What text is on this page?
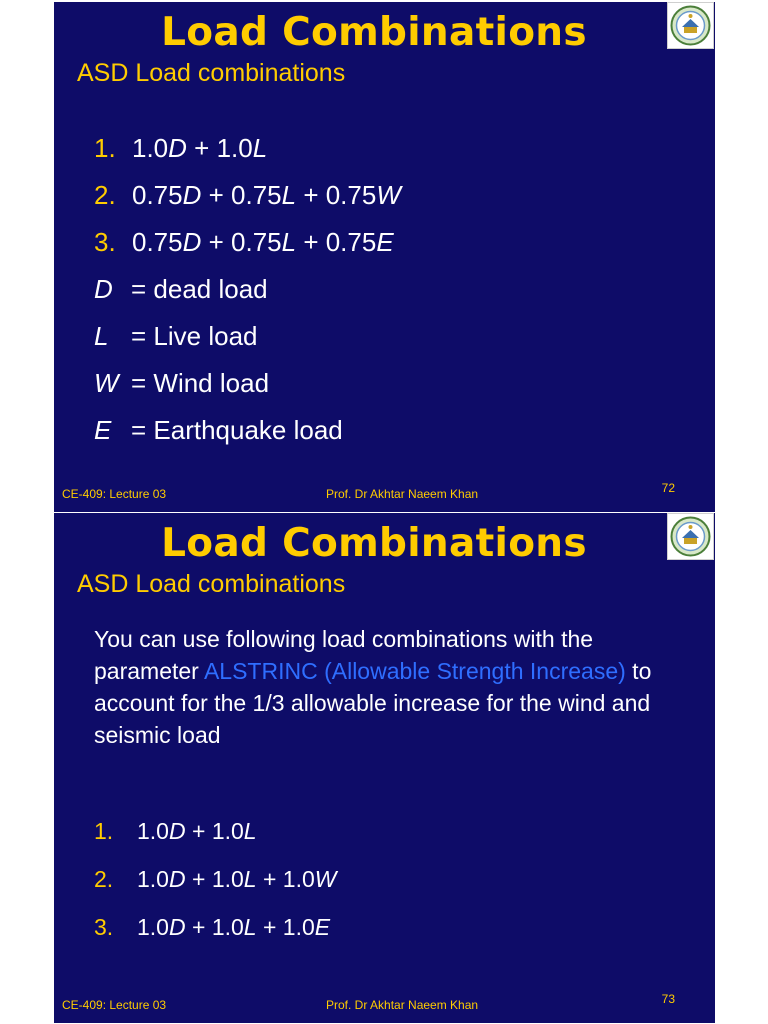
Load Combinations
ASD Load combinations
1. 1.0D + 1.0L
2. 0.75D + 0.75L + 0.75W
3. 0.75D + 0.75L + 0.75E
D = dead load
L = Live load
W = Wind load
E = Earthquake load
CE-409: Lecture 03	Prof. Dr Akhtar Naeem Khan	72
Load Combinations
ASD Load combinations
You can use following load combinations with the parameter ALSTRINC (Allowable Strength Increase) to account for the 1/3 allowable increase for the wind and seismic load
1. 1.0D + 1.0L
2. 1.0D + 1.0L + 1.0W
3. 1.0D + 1.0L + 1.0E
CE-409: Lecture 03	Prof. Dr Akhtar Naeem Khan	73
